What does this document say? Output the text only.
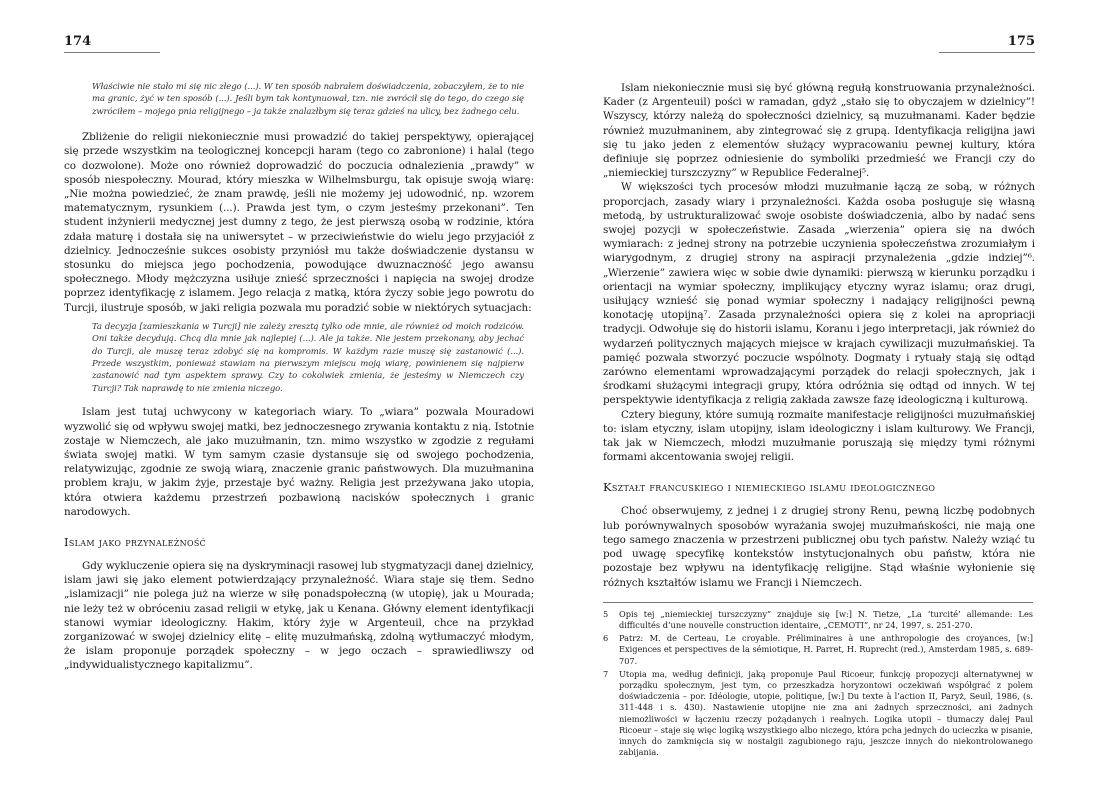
174

Właściwie nie stało mi się nic złego (...). W ten sposób nabrałem doświadczenia, zobaczyłem, że to nie ma granic, żyć w ten sposób (...). Jeśli bym tak kontynuował, tzn. nie zwrócił się do tego, do czego się zwróciłem – mojego pnia religijnego – ja także znalazłbym się teraz gdzieś na ulicy, bez żadnego celu.

Zbliżenie do religii niekoniecznie musi prowadzić do takiej perspektywy, opierającej się przede wszystkim na teologicznej koncepcji haram (tego co zabronione) i halal (tego co dozwolone). Może ono również doprowadzić do poczucia odnalezienia „prawdy” w sposób niespołeczny. Mourad, który mieszka w Wilhelmsburgu, tak opisuje swoją wiarę: „Nie można powiedzieć, że znam prawdę, jeśli nie możemy jej udowodnić, np. wzorem matematycznym, rysunkiem (...). Prawda jest tym, o czym jesteśmy przekonani”. Ten student inżynierii medycznej jest dumny z tego, że jest pierwszą osobą w rodzinie, która zdała maturę i dostała się na uniwersytet – w przeciwieństwie do wielu jego przyjaciół z dzielnicy. Jednocześnie sukces osobisty przyniósł mu także doświadczenie dystansu w stosunku do miejsca jego pochodzenia, powodujące dwuznaczność jego awansu społecznego. Młody mężczyzna usiłuje znieść sprzeczności i napięcia na swojej drodze poprzez identyfikację z islamem. Jego relacja z matką, która życzy sobie jego powrotu do Turcji, ilustruje sposób, w jaki religia pozwala mu poradzić sobie w niektórych sytuacjach:

Ta decyzja [zamieszkania w Turcji] nie zależy zresztą tylko ode mnie, ale również od moich rodziców. Oni także decydują. Chcą dla mnie jak najlepiej (...). Ale ja także. Nie jestem przekonany, aby jechać do Turcji, ale muszę teraz zdobyć się na kompromis. W każdym razie muszę się zastanowić (...). Przede wszystkim, ponieważ stawiam na pierwszym miejscu moją wiarę, powinienem się najpierw zastanowić nad tym aspektem sprawy. Czy to cokolwiek zmienia, że jesteśmy w Niemczech czy Turcji? Tak naprawdę to nie zmienia niczego.

Islam jest tutaj uchwycony w kategoriach wiary. To „wiara” pozwala Mouradowi wyzwolić się od wpływu swojej matki, bez jednoczesnego zrywania kontaktu z nią. Istotnie zostaje w Niemczech, ale jako muzułmanin, tzn. mimo wszystko w zgodzie z regułami świata swojej matki. W tym samym czasie dystansuje się od swojego pochodzenia, relatywizując, zgodnie ze swoją wiarą, znaczenie granic państwowych. Dla muzułmanina problem kraju, w jakim żyje, przestaje być ważny. Religia jest przeżywana jako utopia, która otwiera każdemu przestrzeń pozbawioną nacisków społecznych i granic narodowych.

Islam jako przynależność

Gdy wykluczenie opiera się na dyskryminacji rasowej lub stygmatyzacji danej dzielnicy, islam jawi się jako element potwierdzający przynależność. Wiara staje się tłem. Sedno „islamizacji” nie polega już na wierze w siłę ponadspołeczną (w utopię), jak u Mourada; nie leży też w obróceniu zasad religii w etykę, jak u Kenana. Główny element identyfikacji stanowi wymiar ideologiczny. Hakim, który żyje w Argenteuil, chce na przykład zorganizować w swojej dzielnicy elitę – elitę muzułmańską, zdolną wytłumaczyć młodym, że islam proponuje porządek społeczny – w jego oczach – sprawiedliwszy od „indywidualistycznego kapitalizmu”.

175

Islam niekoniecznie musi się być główną regułą konstruowania przynależności. Kader (z Argenteuil) pości w ramadan, gdyż „stało się to obyczajem w dzielnicy”! Wszyscy, którzy należą do społeczności dzielnicy, są muzułmanami. Kader będzie również muzułmaninem, aby zintegrować się z grupą. Identyfikacja religijna jawi się tu jako jeden z elementów służący wypracowaniu pewnej kultury, która definiuje się poprzez odniesienie do symboliki przedmieść we Francji czy do „niemieckiej turszczyzny” w Republice Federalnej⁵.

W większości tych procesów młodzi muzułmanie łączą ze sobą, w różnych proporcjach, zasady wiary i przynależności. Każda osoba posługuje się własną metodą, by ustrukturalizować swoje osobiste doświadczenia, albo by nadać sens swojej pozycji w społeczeństwie. Zasada „wierzenia” opiera się na dwóch wymiarach: z jednej strony na potrzebie uczynienia społeczeństwa zrozumiałym i wiarygodnym, z drugiej strony na aspiracji przynależenia „gdzie indziej”⁶. „Wierzenie” zawiera więc w sobie dwie dynamiki: pierwszą w kierunku porządku i orientacji na wymiar społeczny, implikujący etyczny wyraz islamu; oraz drugi, usiłujący wznieść się ponad wymiar społeczny i nadający religijności pewną konotację utopijną⁷. Zasada przynależności opiera się z kolei na apropriacji tradycji. Odwołuje się do historii islamu, Koranu i jego interpretacji, jak również do wydarzeń politycznych mających miejsce w krajach cywilizacji muzułmańskiej. Ta pamięć pozwala stworzyć poczucie wspólnoty. Dogmaty i rytuały stają się odtąd zarówno elementami wprowadzającymi porządek do relacji społecznych, jak i środkami służącymi integracji grupy, która odróżnia się odtąd od innych. W tej perspektywie identyfikacja z religią zakłada zawsze fazę ideologiczną i kulturową.

Cztery bieguny, które sumują rozmaite manifestacje religijności muzułmańskiej to: islam etyczny, islam utopijny, islam ideologiczny i islam kulturowy. We Francji, tak jak w Niemczech, młodzi muzułmanie poruszają się między tymi różnymi formami akcentowania swojej religii.

Kształt francuskiego i niemieckiego islamu ideologicznego

Choć obserwujemy, z jednej i z drugiej strony Renu, pewną liczbę podobnych lub porównywalnych sposobów wyrażania swojej muzułmańskości, nie mają one tego samego znaczenia w przestrzeni publicznej obu tych państw. Należy wziąć tu pod uwagę specyfikę kontekstów instytucjonalnych obu państw, która nie pozostaje bez wpływu na identyfikację religijne. Stąd właśnie wyłonienie się różnych kształtów islamu we Francji i Niemczech.

5	Opis tej „niemieckiej turszczyzny” znajduje się [w:] N. Tietze, „La ‘turcité’ allemande: Les difficultés d’une nouvelle construction identaire, „CEMOTI”, nr 24, 1997, s. 251-270.
6	Patrz: M. de Certeau, Le croyable. Préliminaires à une anthropologie des croyances, [w:] Exigences et perspectives de la sémiotique, H. Parret, H. Ruprecht (red.), Amsterdam 1985, s. 689-707.
7	Utopia ma, według definicji, jaką proponuje Paul Ricoeur, funkcję propozycji alternatywnej w porządku społecznym, jest tym, co przeszkadza horyzontowi oczekiwań współgrać z polem doświadczenia – por. Idéologie, utopie, politique, [w:] Du texte à l’action II, Paryż, Seuil, 1986, (s. 311-448 i s. 430). Nastawienie utopijne nie zna ani żadnych sprzeczności, ani żadnych niemożliwości w łączeniu rzeczy pożądanych i realnych. Logika utopii – tłumaczy dalej Paul Ricoeur – staje się więc logiką wszystkiego albo niczego, która pcha jednych do ucieczka w pisanie, innych do zamknięcia się w nostalgii zagubionego raju, jeszcze innych do niekontrolowanego zabijania.
